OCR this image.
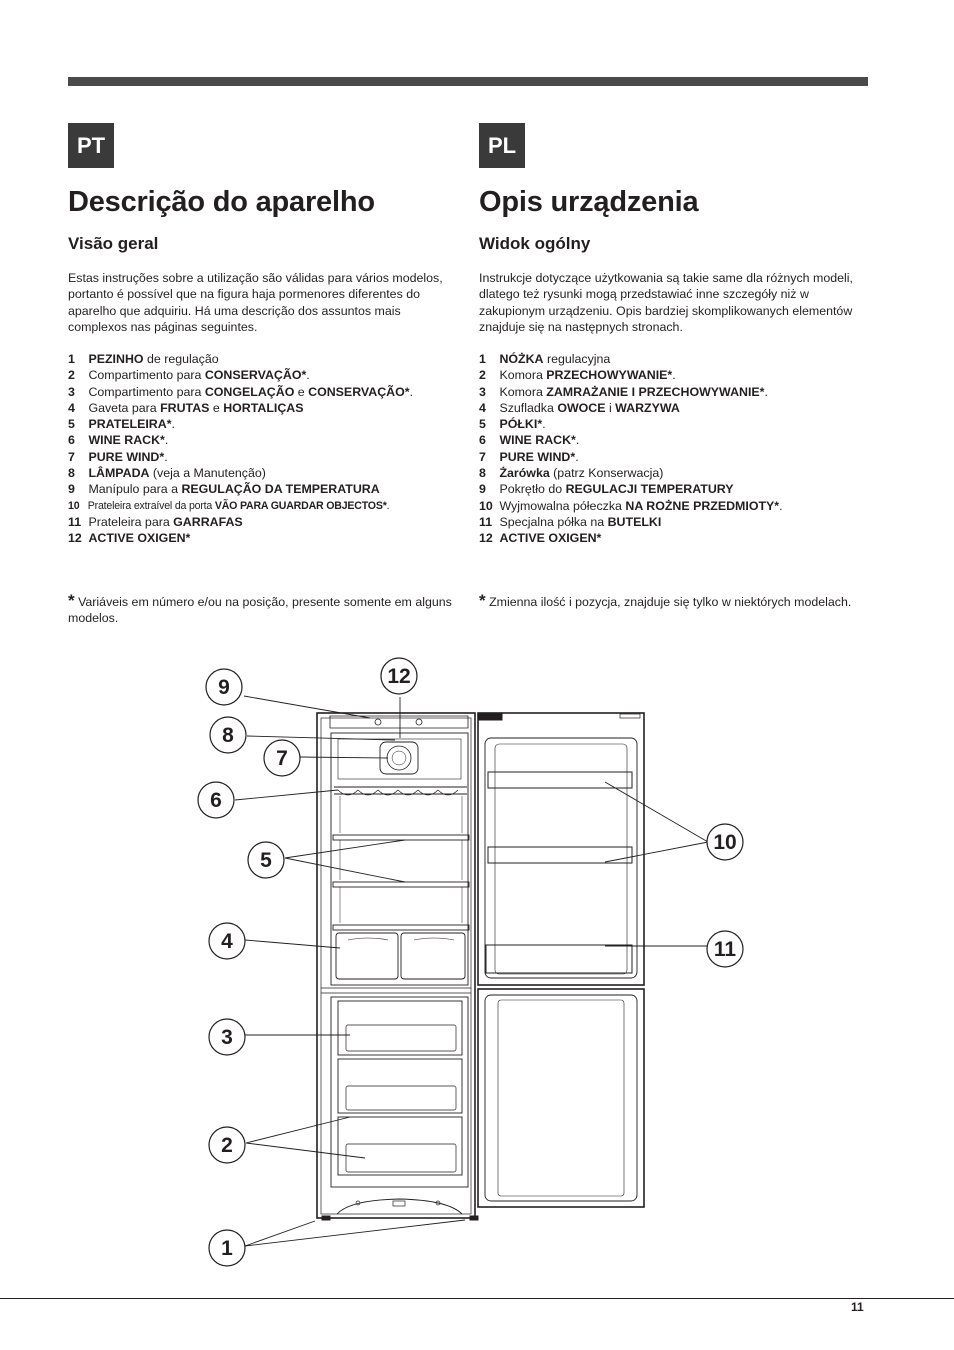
PT
Descrição do aparelho
Visão geral

Estas instruções sobre a utilização são válidas para vários modelos, portanto é possível que na figura haja pormenores diferentes do aparelho que adquiriu. Há uma descrição dos assuntos mais complexos nas páginas seguintes.

1 PEZINHO de regulação
2 Compartimento para CONSERVAÇÃO*.
3 Compartimento para CONGELAÇÃO e CONSERVAÇÃO*.
4 Gaveta para FRUTAS e HORTALIÇAS
5 PRATELEIRA*.
6 WINE RACK*.
7 PURE WIND*.
8 LÂMPADA (veja a Manutenção)
9 Manípulo para a REGULAÇÃO DA TEMPERATURA
10 Prateleira extraível da porta VÃO PARA GUARDAR OBJECTOS*.
11 Prateleira para GARRAFAS
12 ACTIVE OXIGEN*

* Variáveis em número e/ou na posição, presente somente em alguns modelos.

PL
Opis urządzenia
Widok ogólny

Instrukcje dotyczące użytkowania są takie same dla różnych modeli, dlatego też rysunki mogą przedstawiać inne szczegóły niż w zakupionym urządzeniu. Opis bardziej skomplikowanych elementów znajduje się na następnych stronach.

1 NÓŻKA regulacyjna
2 Komora PRZECHOWYWANIE*.
3 Komora ZAMRAŻANIE I PRZECHOWYWANIE*.
4 Szufladka OWOCE i WARZYWA
5 PÓŁKI*.
6 WINE RACK*.
7 PURE WIND*.
8 Żarówka (patrz Konserwacja)
9 Pokrętło do REGULACJI TEMPERATURY
10 Wyjmowalna półeczka NA ROŻNE PRZEDMIOTY*.
11 Specjalna półka na BUTELKI
12 ACTIVE OXIGEN*

* Zmienna ilość i pozycja, znajduje się tylko w niektórych modelach.

1
2
3
4
5
6
7
8
9
10
11
12
11
